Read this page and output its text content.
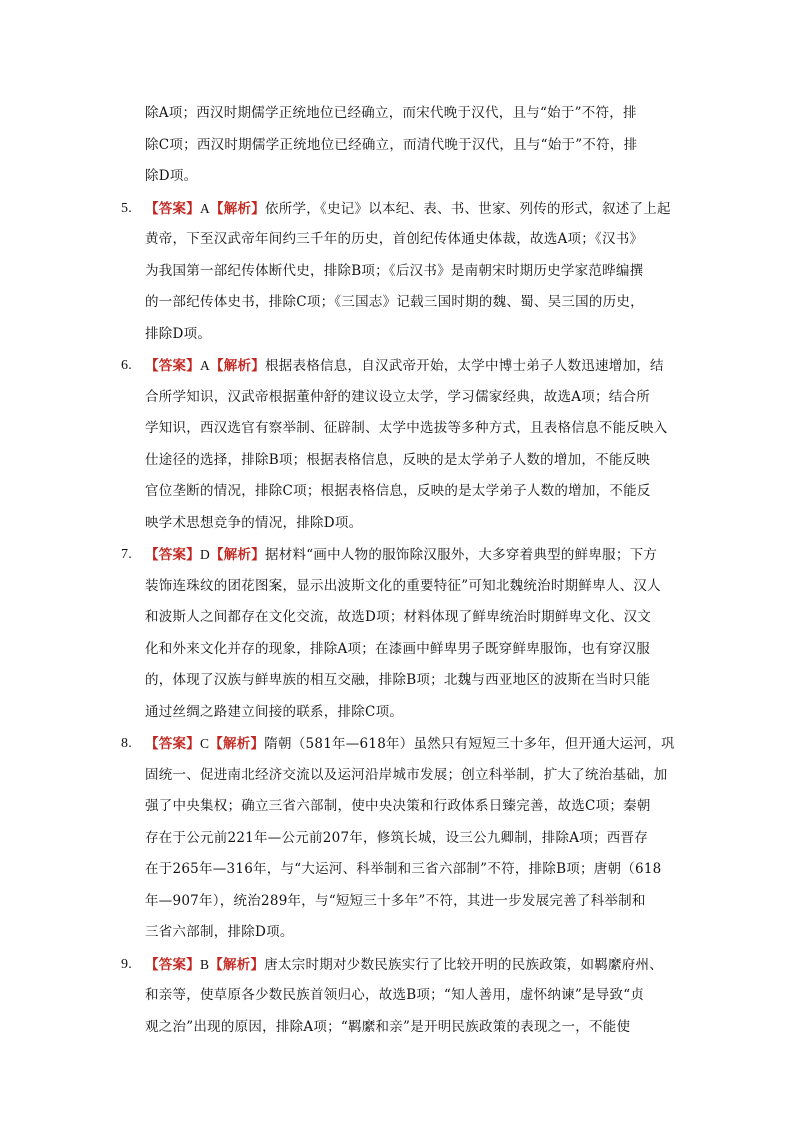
除A项；西汉时期儒学正统地位已经确立，而宋代晚于汉代，且与“始于”不符，排
除C项；西汉时期儒学正统地位已经确立，而清代晚于汉代，且与“始于”不符，排
除D项。
5. 【答案】A【解析】依所学，《史记》以本纪、表、书、世家、列传的形式，叙述了上起
黄帝，下至汉武帝年间约三千年的历史，首创纪传体通史体裁，故选A项；《汉书》
为我国第一部纪传体断代史，排除B项；《后汉书》是南朝宋时期历史学家范晔编撰
的一部纪传体史书，排除C项；《三国志》记载三国时期的魏、蜀、吴三国的历史，
排除D项。
6. 【答案】A【解析】根据表格信息，自汉武帝开始，太学中博士弟子人数迅速增加，结
合所学知识，汉武帝根据董仲舒的建议设立太学，学习儒家经典，故选A项；结合所
学知识，西汉选官有察举制、征辟制、太学中选拔等多种方式，且表格信息不能反映入
仕途径的选择，排除B项；根据表格信息，反映的是太学弟子人数的增加，不能反映
官位垄断的情况，排除C项；根据表格信息，反映的是太学弟子人数的增加，不能反
映学术思想竞争的情况，排除D项。
7. 【答案】D【解析】据材料“画中人物的服饰除汉服外，大多穿着典型的鲜卑服；下方
装饰连珠纹的团花图案，显示出波斯文化的重要特征”可知北魏统治时期鲜卑人、汉人
和波斯人之间都存在文化交流，故选D项；材料体现了鲜卑统治时期鲜卑文化、汉文
化和外来文化并存的现象，排除A项；在漆画中鲜卑男子既穿鲜卑服饰，也有穿汉服
的，体现了汉族与鲜卑族的相互交融，排除B项；北魏与西亚地区的波斯在当时只能
通过丝绸之路建立间接的联系，排除C项。
8. 【答案】C【解析】隋朝（581年—618年）虽然只有短短三十多年，但开通大运河，巩
固统一、促进南北经济交流以及运河沿岸城市发展；创立科举制，扩大了统治基础，加
强了中央集权；确立三省六部制，使中央决策和行政体系日臻完善，故选C项；秦朝
存在于公元前221年—公元前207年，修筑长城，设三公九卿制，排除A项；西晋存
在于265年—316年，与“大运河、科举制和三省六部制”不符，排除B项；唐朝（618
年—907年），统治289年，与“短短三十多年”不符，其进一步发展完善了科举制和
三省六部制，排除D项。
9. 【答案】B【解析】唐太宗时期对少数民族实行了比较开明的民族政策，如羁縻府州、
和亲等，使草原各少数民族首领归心，故选B项；“知人善用，虚怀纳谏”是导致“贞
观之治”出现的原因，排除A项；“羁縻和亲”是开明民族政策的表现之一，不能使
